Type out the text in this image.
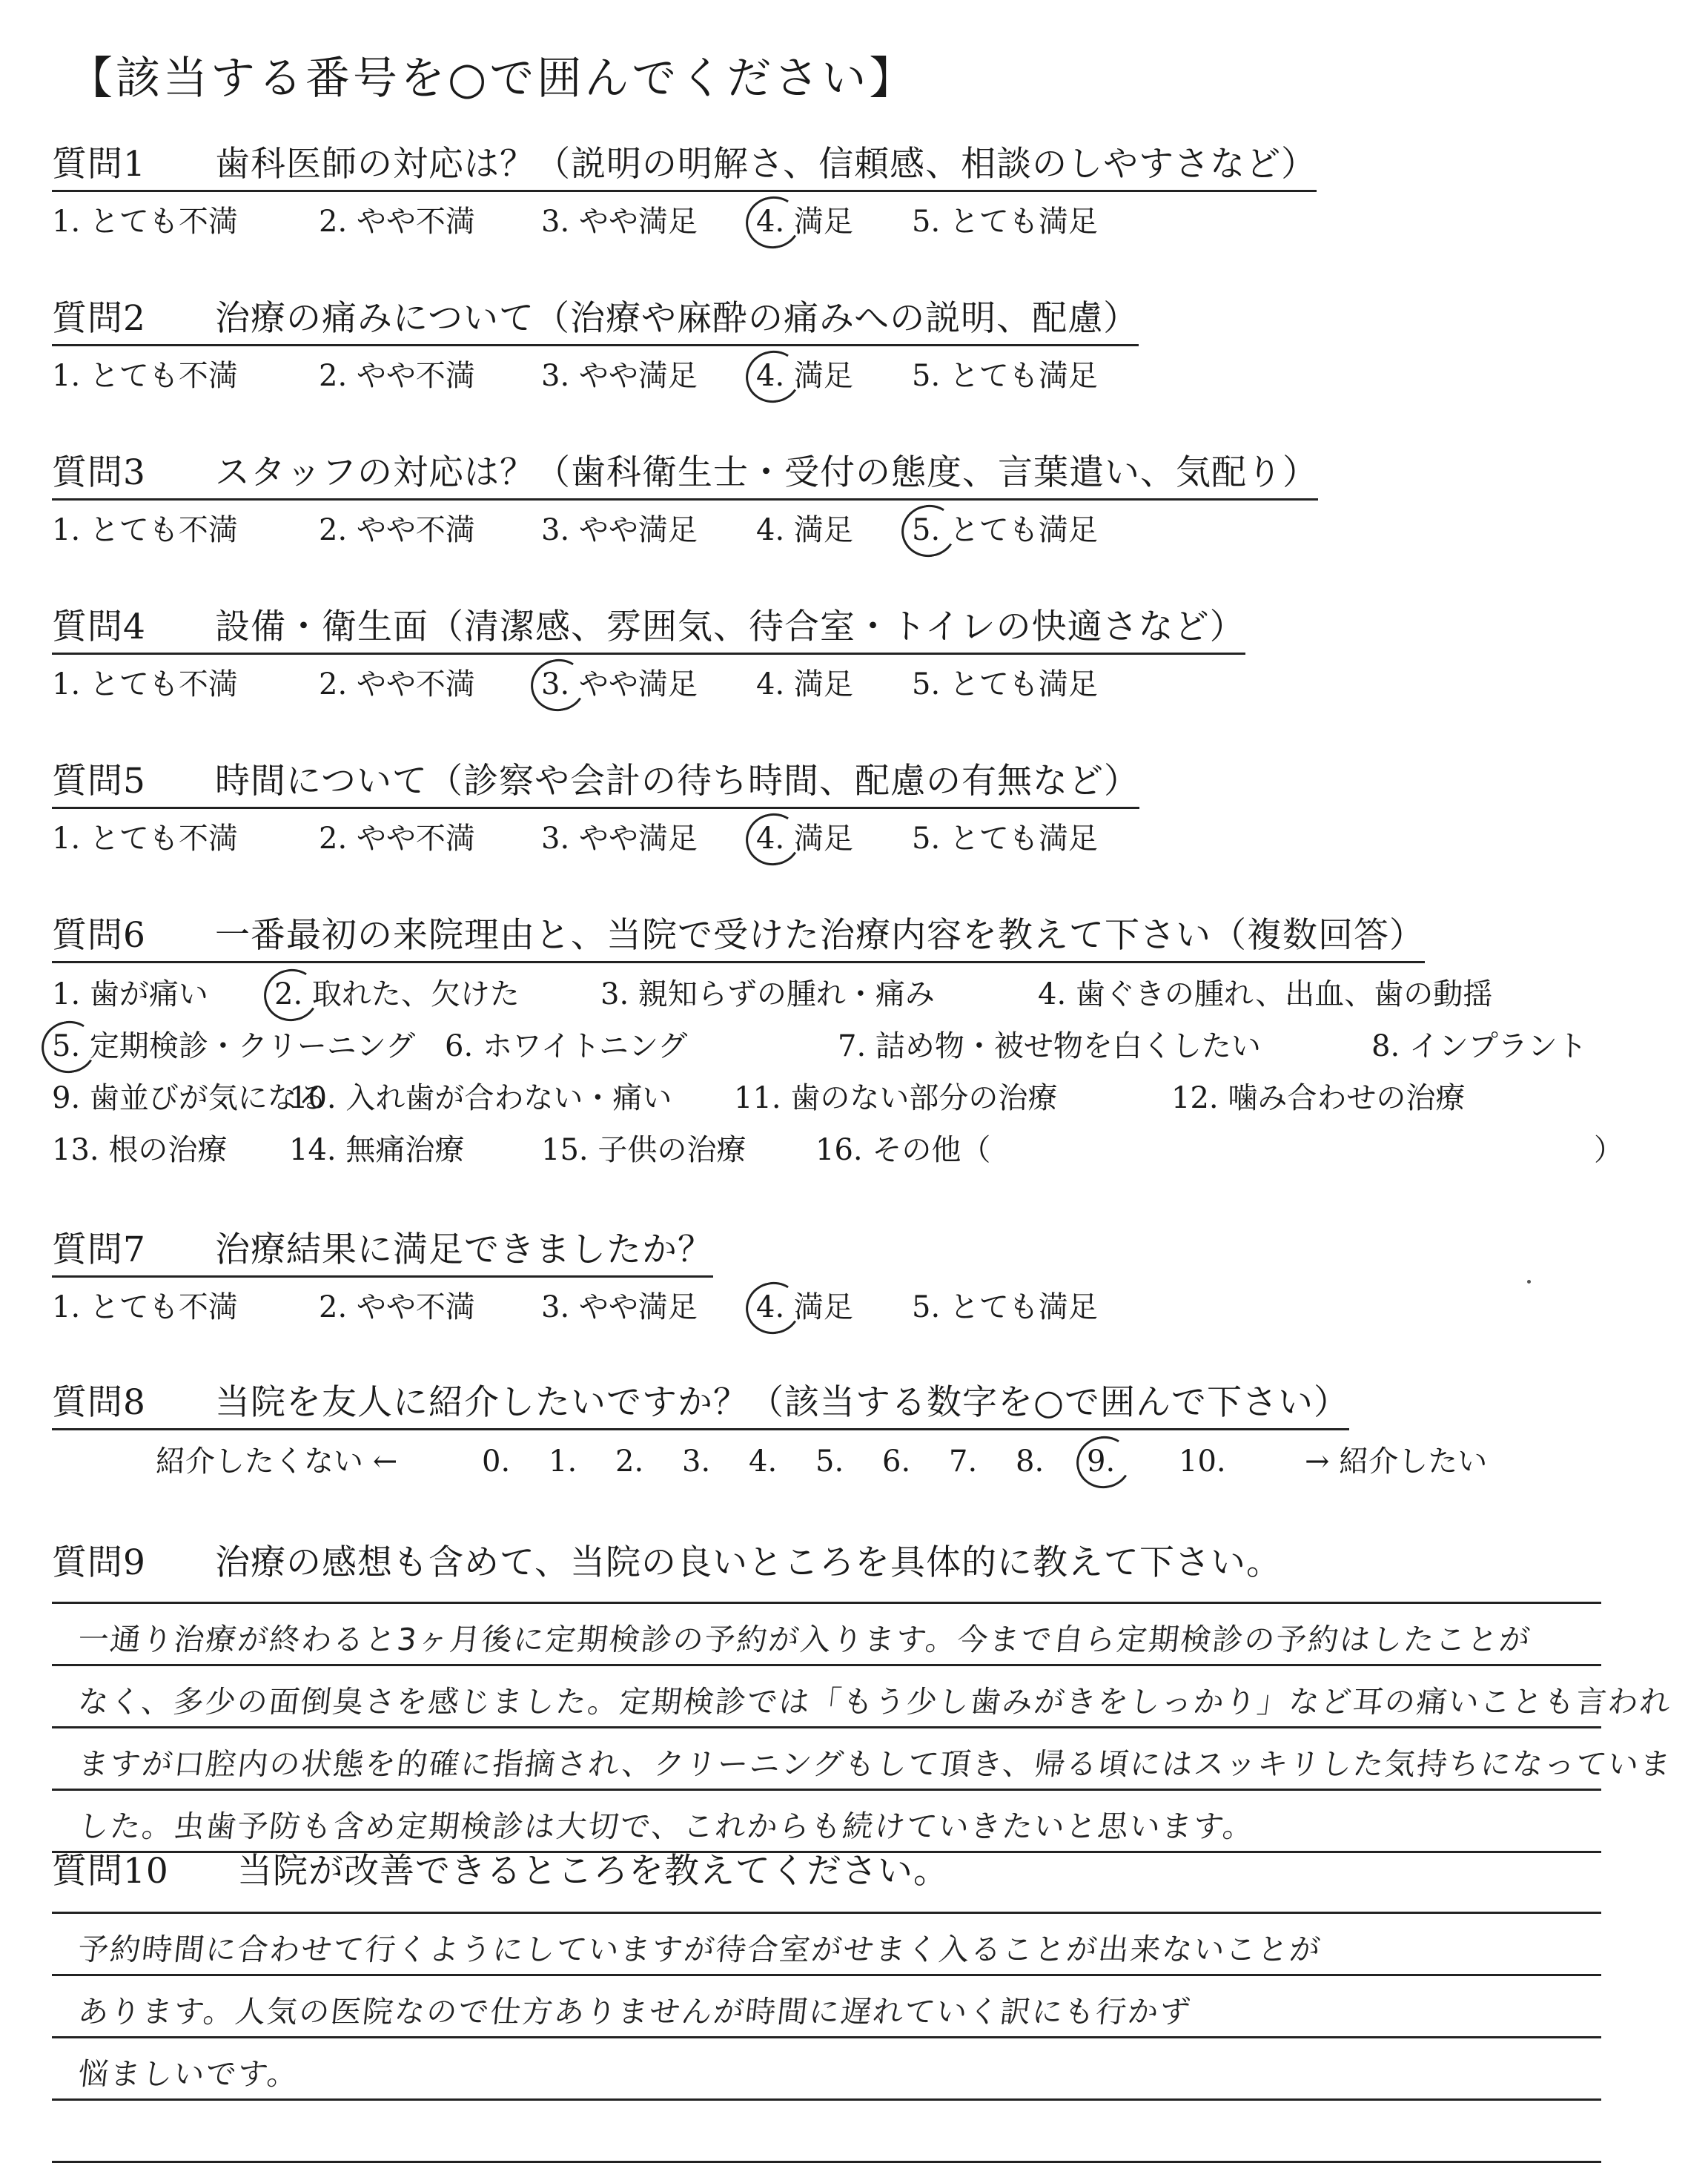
【該当する番号を○で囲んでください】
質問1 歯科医師の対応は？（説明の明解さ、信頼感、相談のしやすさなど）
1. とても不満	2. やや不満 3. やや満足 4. 満足 5. とても満足
質問2 治療の痛みについて（治療や麻酔の痛みへの説明、配慮）
1. とても不満	2. やや不満 3. やや満足 4. 満足 5. とても満足
質問3 スタッフの対応は？（歯科衛生士・受付の態度、言葉遣い、気配り）
1. とても不満	2. やや不満 3. やや満足 4. 満足 5. とても満足
質問4 設備・衛生面（清潔感、雰囲気、待合室・トイレの快適さなど）
1. とても不満	2. やや不満 3. やや満足 4. 満足 5. とても満足
質問5 時間について（診察や会計の待ち時間、配慮の有無など）
1. とても不満	2. やや不満 3. やや満足 4. 満足 5. とても満足
質問6 一番最初の来院理由と、当院で受けた治療内容を教えて下さい（複数回答）
1. 歯が痛い 2. 取れた、欠けた	3. 親知らずの腫れ・痛み	4. 歯ぐきの腫れ、出血、歯の動揺
5. 定期検診・クリーニング 6. ホワイトニング	7. 詰め物・被せ物を白くしたい	8. インプラント
9. 歯並びが気になる
10. 入れ歯が合わない・痛い 11. 歯のない部分の治療	12. 噛み合わせの治療
13. 根の治療 14. 無痛治療	15. 子供の治療 16. その他（	）
質問7 治療結果に満足できましたか？
1. とても不満	2. やや不満 3. やや満足 4. 満足 5. とても満足
質問8 当院を友人に紹介したいですか？（該当する数字を○で囲んで下さい）
紹介したくない ←	→ 紹介したい
0. 1. 2. 3. 4. 5. 6. 7. 8. 9. 10.
質問9 治療の感想も含めて、当院の良いところを具体的に教えて下さい。
一通り治療が終わると3ヶ月後に定期検診の予約が入ります。今まで自ら定期検診の予約はしたことが
なく、多少の面倒臭さを感じました。定期検診では「もう少し歯みがきをしっかり」など耳の痛いことも言われ
ますが口腔内の状態を的確に指摘され、クリーニングもして頂き、帰る頃にはスッキリした気持ちになっていま
した。虫歯予防も含め定期検診は大切で、これからも続けていきたいと思います。
質問10 当院が改善できるところを教えてください。
予約時間に合わせて行くようにしていますが待合室がせまく入ることが出来ないことが
あります。人気の医院なので仕方ありませんが時間に遅れていく訳にも行かず
悩ましいです。
